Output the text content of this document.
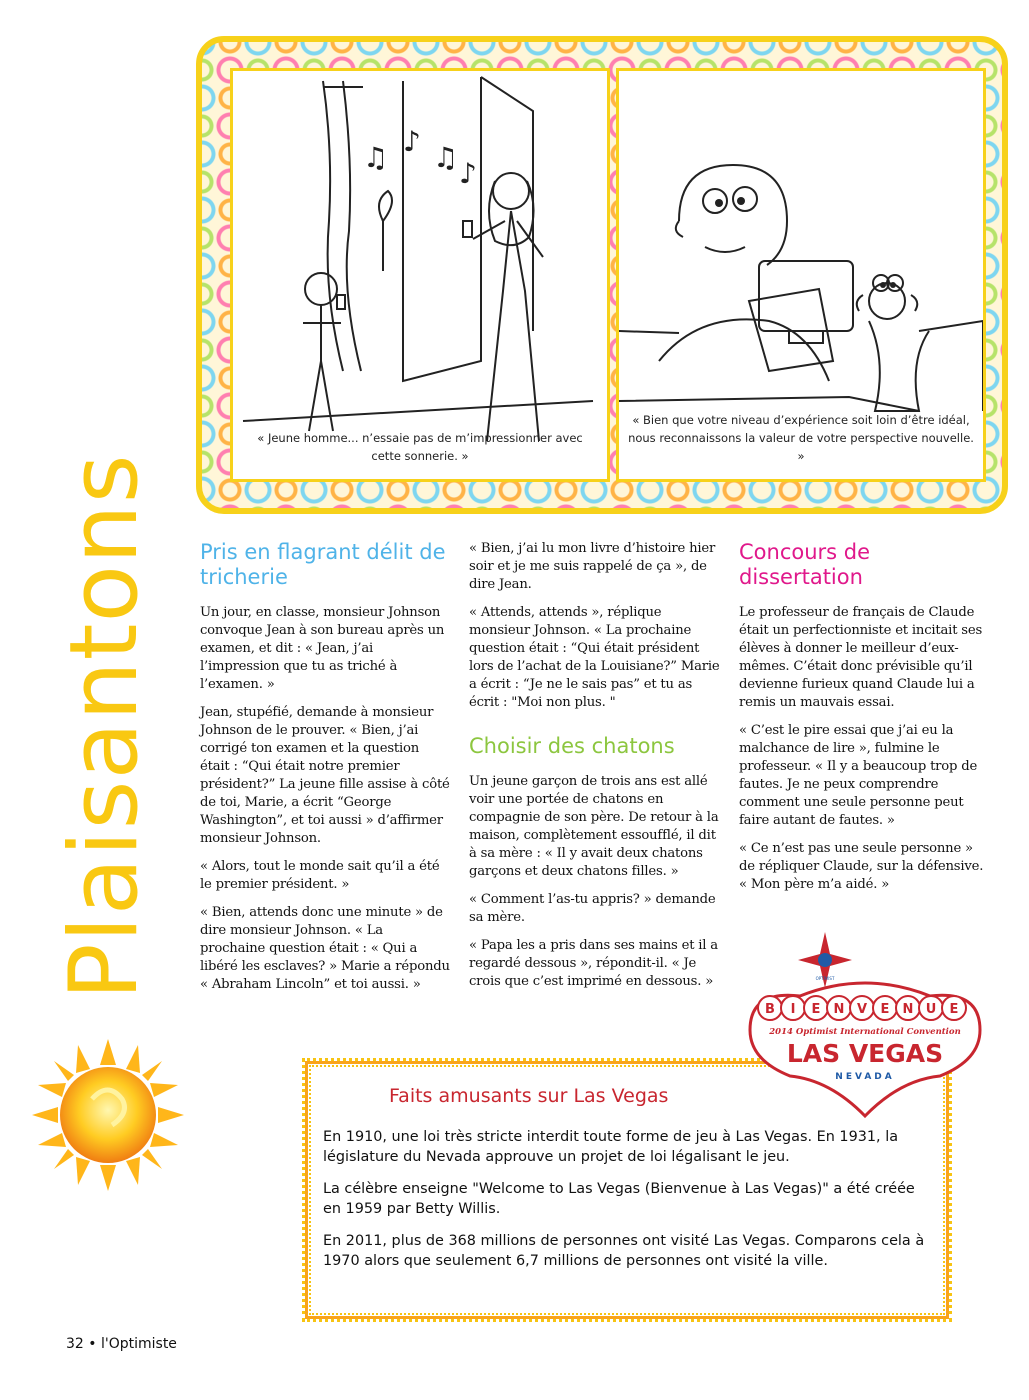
♫ ♪ ♫ ♪
« Jeune homme... n’essaie pas de m’impressionner avec cette sonnerie. »
« Bien que votre niveau d’expérience soit loin d’être idéal, nous reconnaissons la valeur de votre perspective nouvelle. »
Plaisantons Pris en flagrant délit de tricherie

Un jour, en classe, monsieur Johnson convoque Jean à son bureau après un examen, et dit : « Jean, j’ai l’impression que tu as triché à l’examen. »

Jean, stupéfié, demande à monsieur Johnson de le prouver. « Bien, j’ai corrigé ton examen et la question était : “Qui était notre premier président?” La jeune fille assise à côté de toi, Marie, a écrit “George Washington”, et toi aussi » d’affirmer monsieur Johnson.

« Alors, tout le monde sait qu’il a été le premier président. »

« Bien, attends donc une minute » de dire monsieur Johnson. « La prochaine question était : « Qui a libéré les esclaves? » Marie a répondu « Abraham Lincoln” et toi aussi. »

« Bien, j’ai lu mon livre d’histoire hier soir et je me suis rappelé de ça », de dire Jean.

« Attends, attends », réplique monsieur Johnson. « La prochaine question était : “Qui était président lors de l’achat de la Louisiane?” Marie a écrit : “Je ne le sais pas” et tu as écrit : "Moi non plus. "

Choisir des chatons

Un jeune garçon de trois ans est allé voir une portée de chatons en compagnie de son père. De retour à la maison, complètement essoufflé, il dit à sa mère : « Il y avait deux chatons garçons et deux chatons filles. »

« Comment l’as-tu appris? » demande sa mère.

« Papa les a pris dans ses mains et il a regardé dessous », répondit-il. « Je crois que c’est imprimé en dessous. »

Concours de dissertation

Le professeur de français de Claude était un perfectionniste et incitait ses élèves à donner le meilleur d’eux-mêmes. C’était donc prévisible qu’il devienne furieux quand Claude lui a remis un mauvais essai.

« C’est le pire essai que j’ai eu la malchance de lire », fulmine le professeur. « Il y a beaucoup trop de fautes. Je ne peux comprendre comment une seule personne peut faire autant de fautes. »

« Ce n’est pas une seule personne » de répliquer Claude, sur la défensive. « Mon père m’a aidé. »

Faits amusants sur Las Vegas

En 1910, une loi très stricte interdit toute forme de jeu à Las Vegas. En 1931, la législature du Nevada approuve un projet de loi légalisant le jeu.

La célèbre enseigne "Welcome to Las Vegas (Bienvenue à Las Vegas)" a été créée en 1959 par Betty Willis.

En 2011, plus de 368 millions de personnes ont visité Las Vegas. Comparons cela à 1970 alors que seulement 6,7 millions de personnes ont visité la ville.

OPTIMIST
B I E N V E N U E
2014 Optimist International Convention
LAS VEGAS
NEVADA
32 • l'Optimiste
